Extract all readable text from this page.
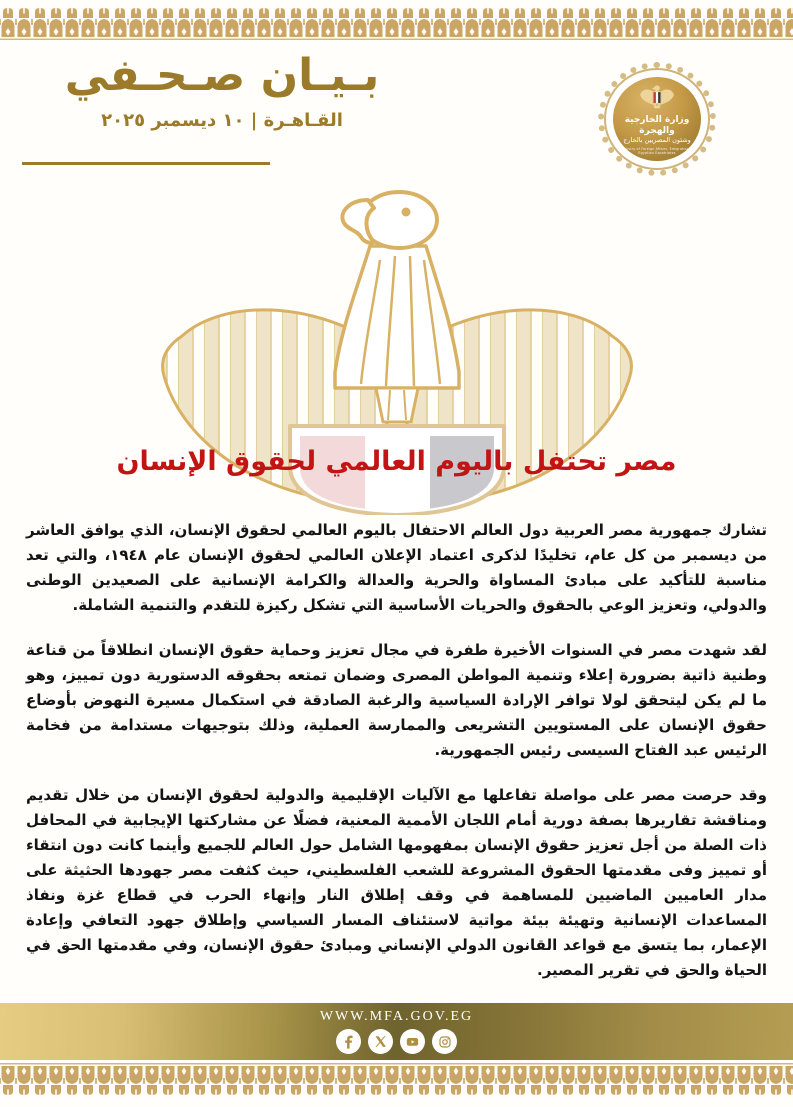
بـيـان صـحـفي
القـاهـرة | ١٠ ديسمبر ٢٠٢٥	وزارة الخارجية والهجرة
وشئون المصريين بالخارج
Ministry of Foreign Affairs, Emigration & Egyptian Expatriates
مصر تحتفل باليوم العالمي لحقوق الإنسان

تشارك جمهورية مصر العربية دول العالم الاحتفال باليوم العالمي لحقوق الإنسان، الذي يوافق العاشر من ديسمبر من كل عام، تخليدًا لذكرى اعتماد الإعلان العالمي لحقوق الإنسان عام ١٩٤٨، والتي تعد مناسبة للتأكيد على مبادئ المساواة والحرية والعدالة والكرامة الإنسانية على الصعيدين الوطنى والدولي، وتعزيز الوعي بالحقوق والحريات الأساسية التي تشكل ركيزة للتقدم والتنمية الشاملة.

لقد شهدت مصر في السنوات الأخيرة طفرة في مجال تعزيز وحماية حقوق الإنسان انطلاقاً من قناعة وطنية ذاتية بضرورة إعلاء وتنمية المواطن المصرى وضمان تمتعه بحقوقه الدستورية دون تمييز، وهو ما لم يكن ليتحقق لولا توافر الإرادة السياسية والرغبة الصادقة في استكمال مسيرة النهوض بأوضاع حقوق الإنسان على المستويين التشريعى والممارسة العملية، وذلك بتوجيهات مستدامة من فخامة الرئيس عبد الفتاح السيسى رئيس الجمهورية.

وقد حرصت مصر على مواصلة تفاعلها مع الآليات الإقليمية والدولية لحقوق الإنسان من خلال تقديم ومناقشة تقاريرها بصفة دورية أمام اللجان الأممية المعنية، فضلًا عن مشاركتها الإيجابية في المحافل ذات الصلة من أجل تعزيز حقوق الإنسان بمفهومها الشامل حول العالم للجميع وأينما كانت دون انتقاء أو تمييز وفى مقدمتها الحقوق المشروعة للشعب الفلسطيني، حيث كثفت مصر جهودها الحثيثة على مدار العاميين الماضيين للمساهمة في وقف إطلاق النار وإنهاء الحرب في قطاع غزة ونفاذ المساعدات الإنسانية وتهيئة بيئة مواتية لاستئناف المسار السياسي وإطلاق جهود التعافي وإعادة الإعمار، بما يتسق مع قواعد القانون الدولي الإنساني ومبادئ حقوق الإنسان، وفي مقدمتها الحق في الحياة والحق في تقرير المصير.

WWW.MFA.GOV.EG
